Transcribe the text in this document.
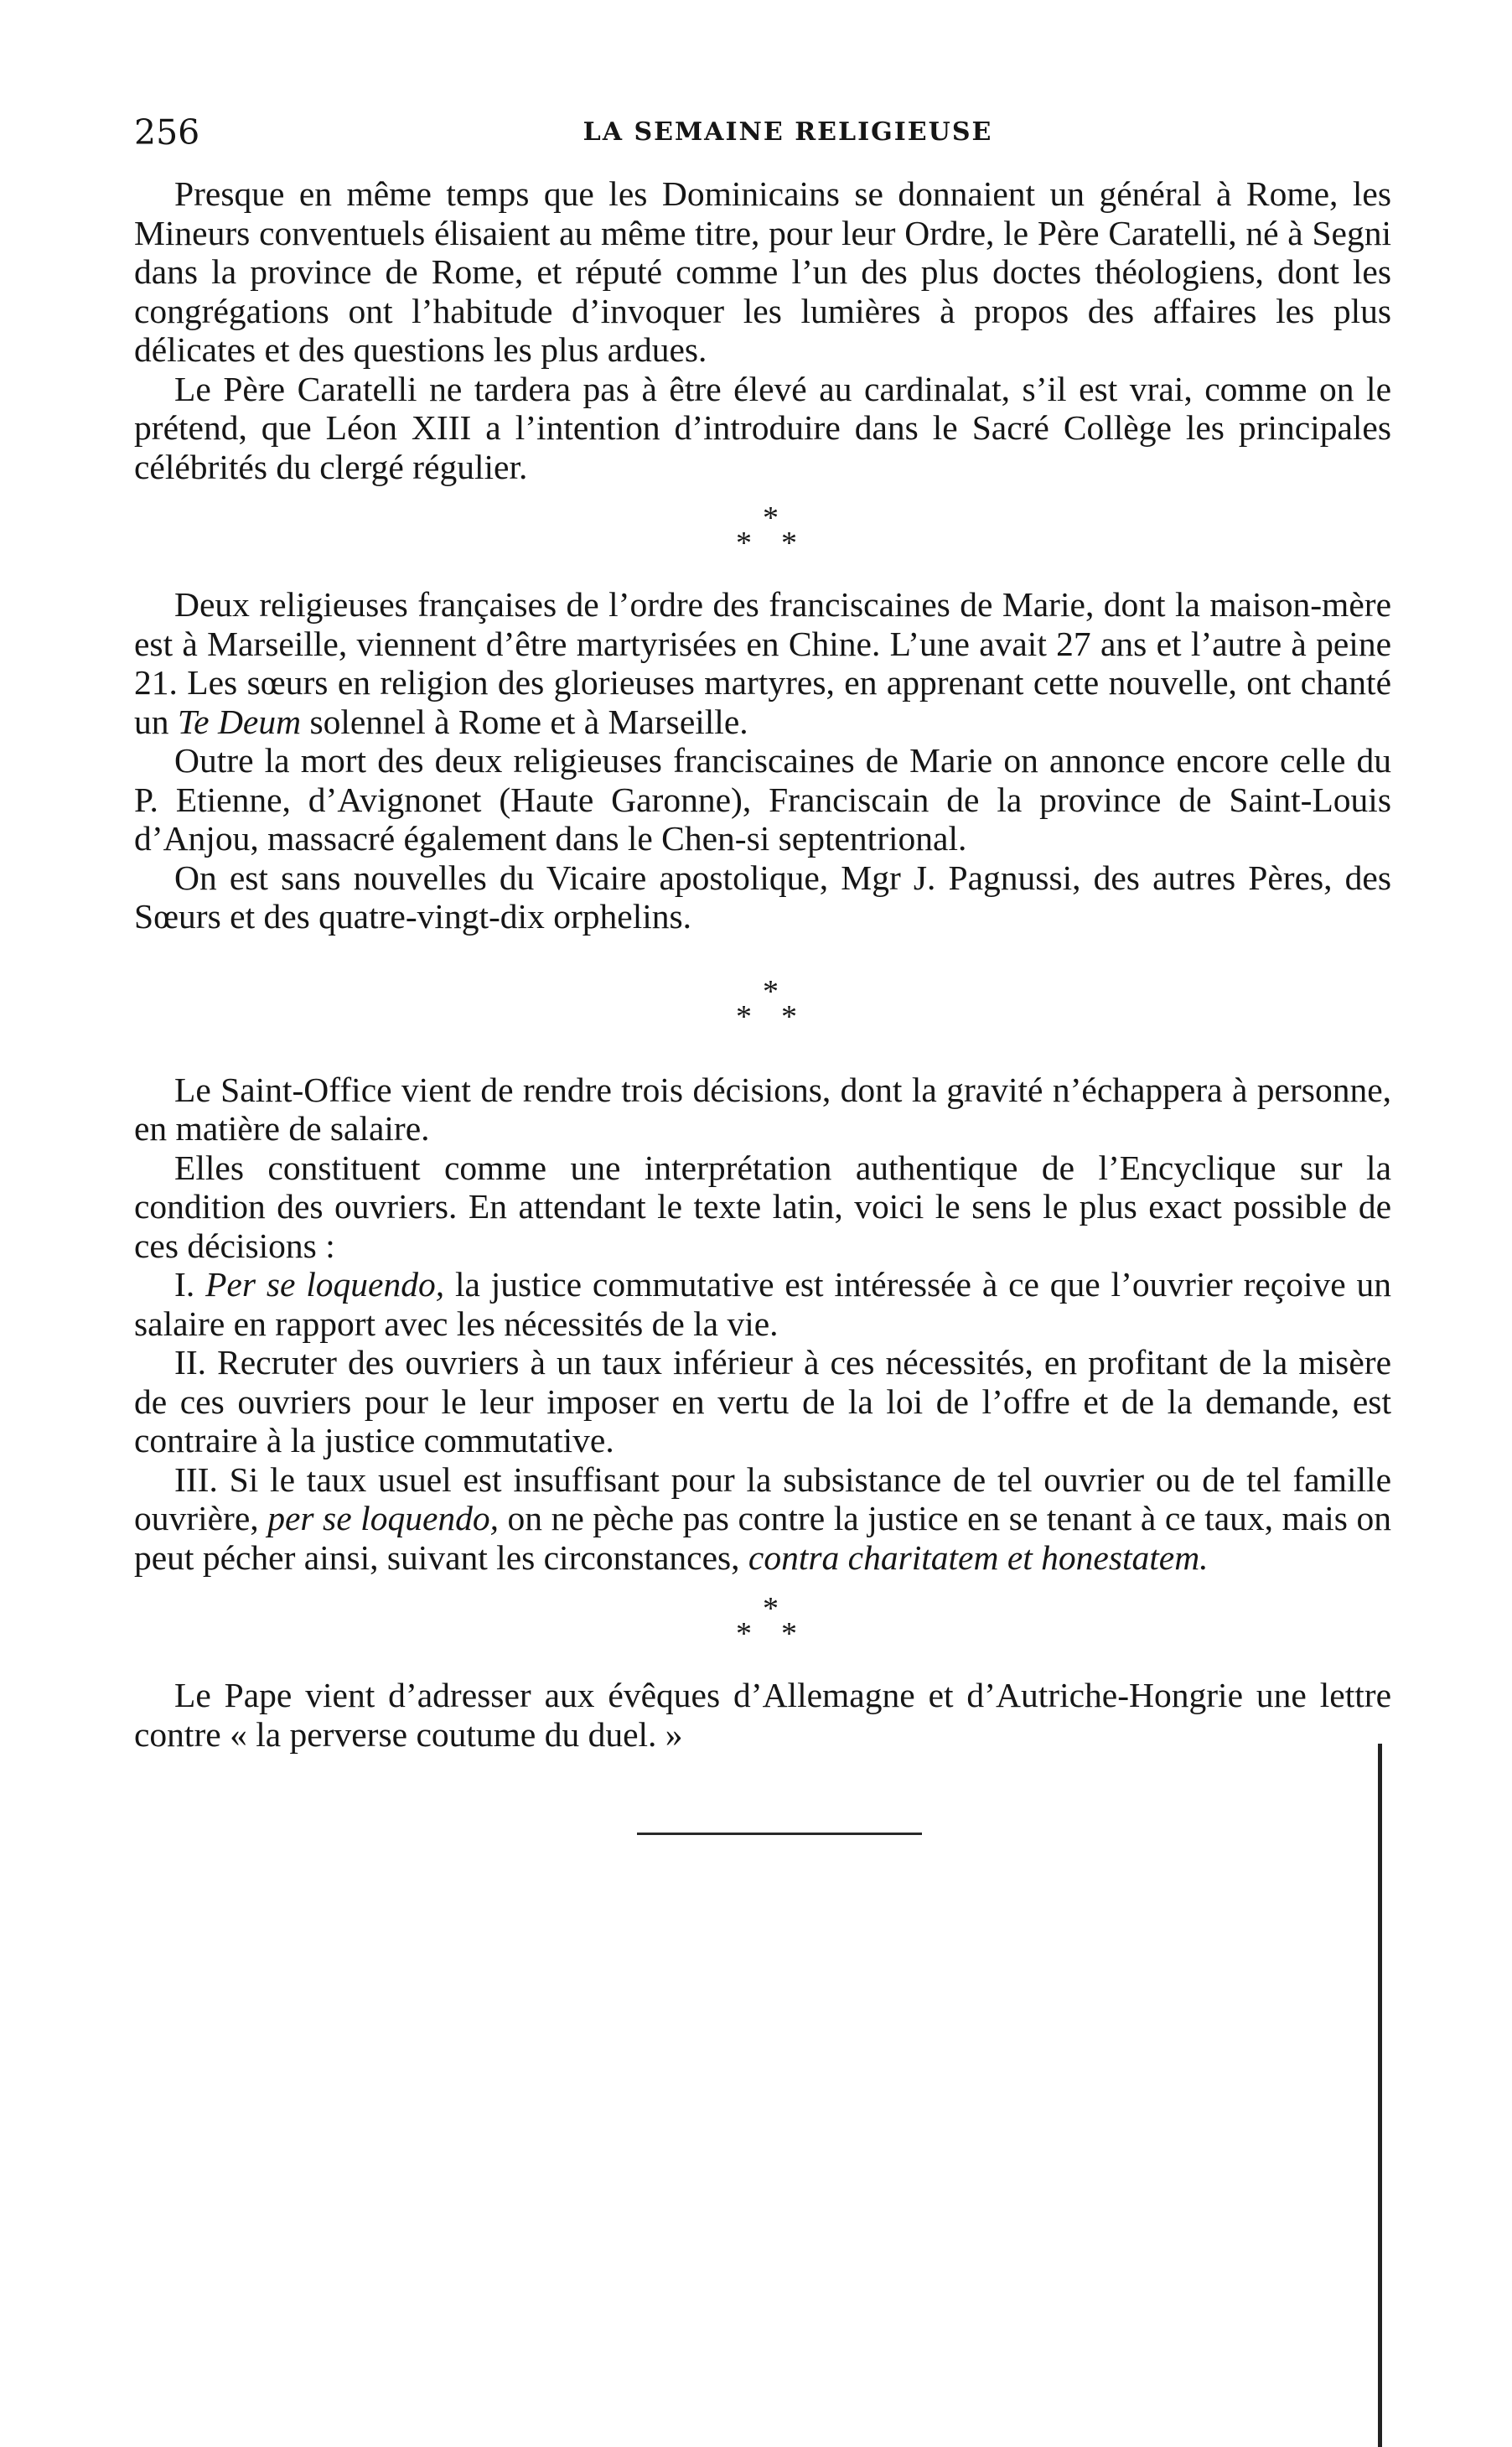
256	LA SEMAINE RELIGIEUSE

Presque en même temps que les Dominicains se donnaient un général à Rome, les Mineurs conventuels élisaient au même titre, pour leur Ordre, le Père Caratelli, né à Segni dans la province de Rome, et réputé comme l’un des plus doctes théologiens, dont les congrégations ont l’habitude d’invoquer les lumières à propos des affaires les plus délicates et des questions les plus ardues.

Le Père Caratelli ne tardera pas à être élevé au cardinalat, s’il est vrai, comme on le prétend, que Léon XIII a l’intention d’introduire dans le Sacré Collège les principales célébrités du clergé régulier.

*
* *

Deux religieuses françaises de l’ordre des franciscaines de Marie, dont la maison-mère est à Marseille, viennent d’être martyrisées en Chine. L’une avait 27 ans et l’autre à peine 21. Les sœurs en religion des glorieuses martyres, en apprenant cette nouvelle, ont chanté un Te Deum solennel à Rome et à Marseille.

Outre la mort des deux religieuses franciscaines de Marie on annonce encore celle du P. Etienne, d’Avignonet (Haute Garonne), Franciscain de la province de Saint-Louis d’Anjou, massacré également dans le Chen-si septentrional.

On est sans nouvelles du Vicaire apostolique, Mgr J. Pagnussi, des autres Pères, des Sœurs et des quatre-vingt-dix orphelins.

*
* *

Le Saint-Office vient de rendre trois décisions, dont la gravité n’échappera à personne, en matière de salaire.

Elles constituent comme une interprétation authentique de l’Encyclique sur la condition des ouvriers. En attendant le texte latin, voici le sens le plus exact possible de ces décisions :

I. Per se loquendo, la justice commutative est intéressée à ce que l’ouvrier reçoive un salaire en rapport avec les nécessités de la vie.

II. Recruter des ouvriers à un taux inférieur à ces nécessités, en profitant de la misère de ces ouvriers pour le leur imposer en vertu de la loi de l’offre et de la demande, est contraire à la justice commutative.

III. Si le taux usuel est insuffisant pour la subsistance de tel ouvrier ou de tel famille ouvrière, per se loquendo, on ne pèche pas contre la justice en se tenant à ce taux, mais on peut pécher ainsi, suivant les circonstances, contra charitatem et honestatem.

*
* *

Le Pape vient d’adresser aux évêques d’Allemagne et d’Autriche-Hongrie une lettre contre « la perverse coutume du duel. »
